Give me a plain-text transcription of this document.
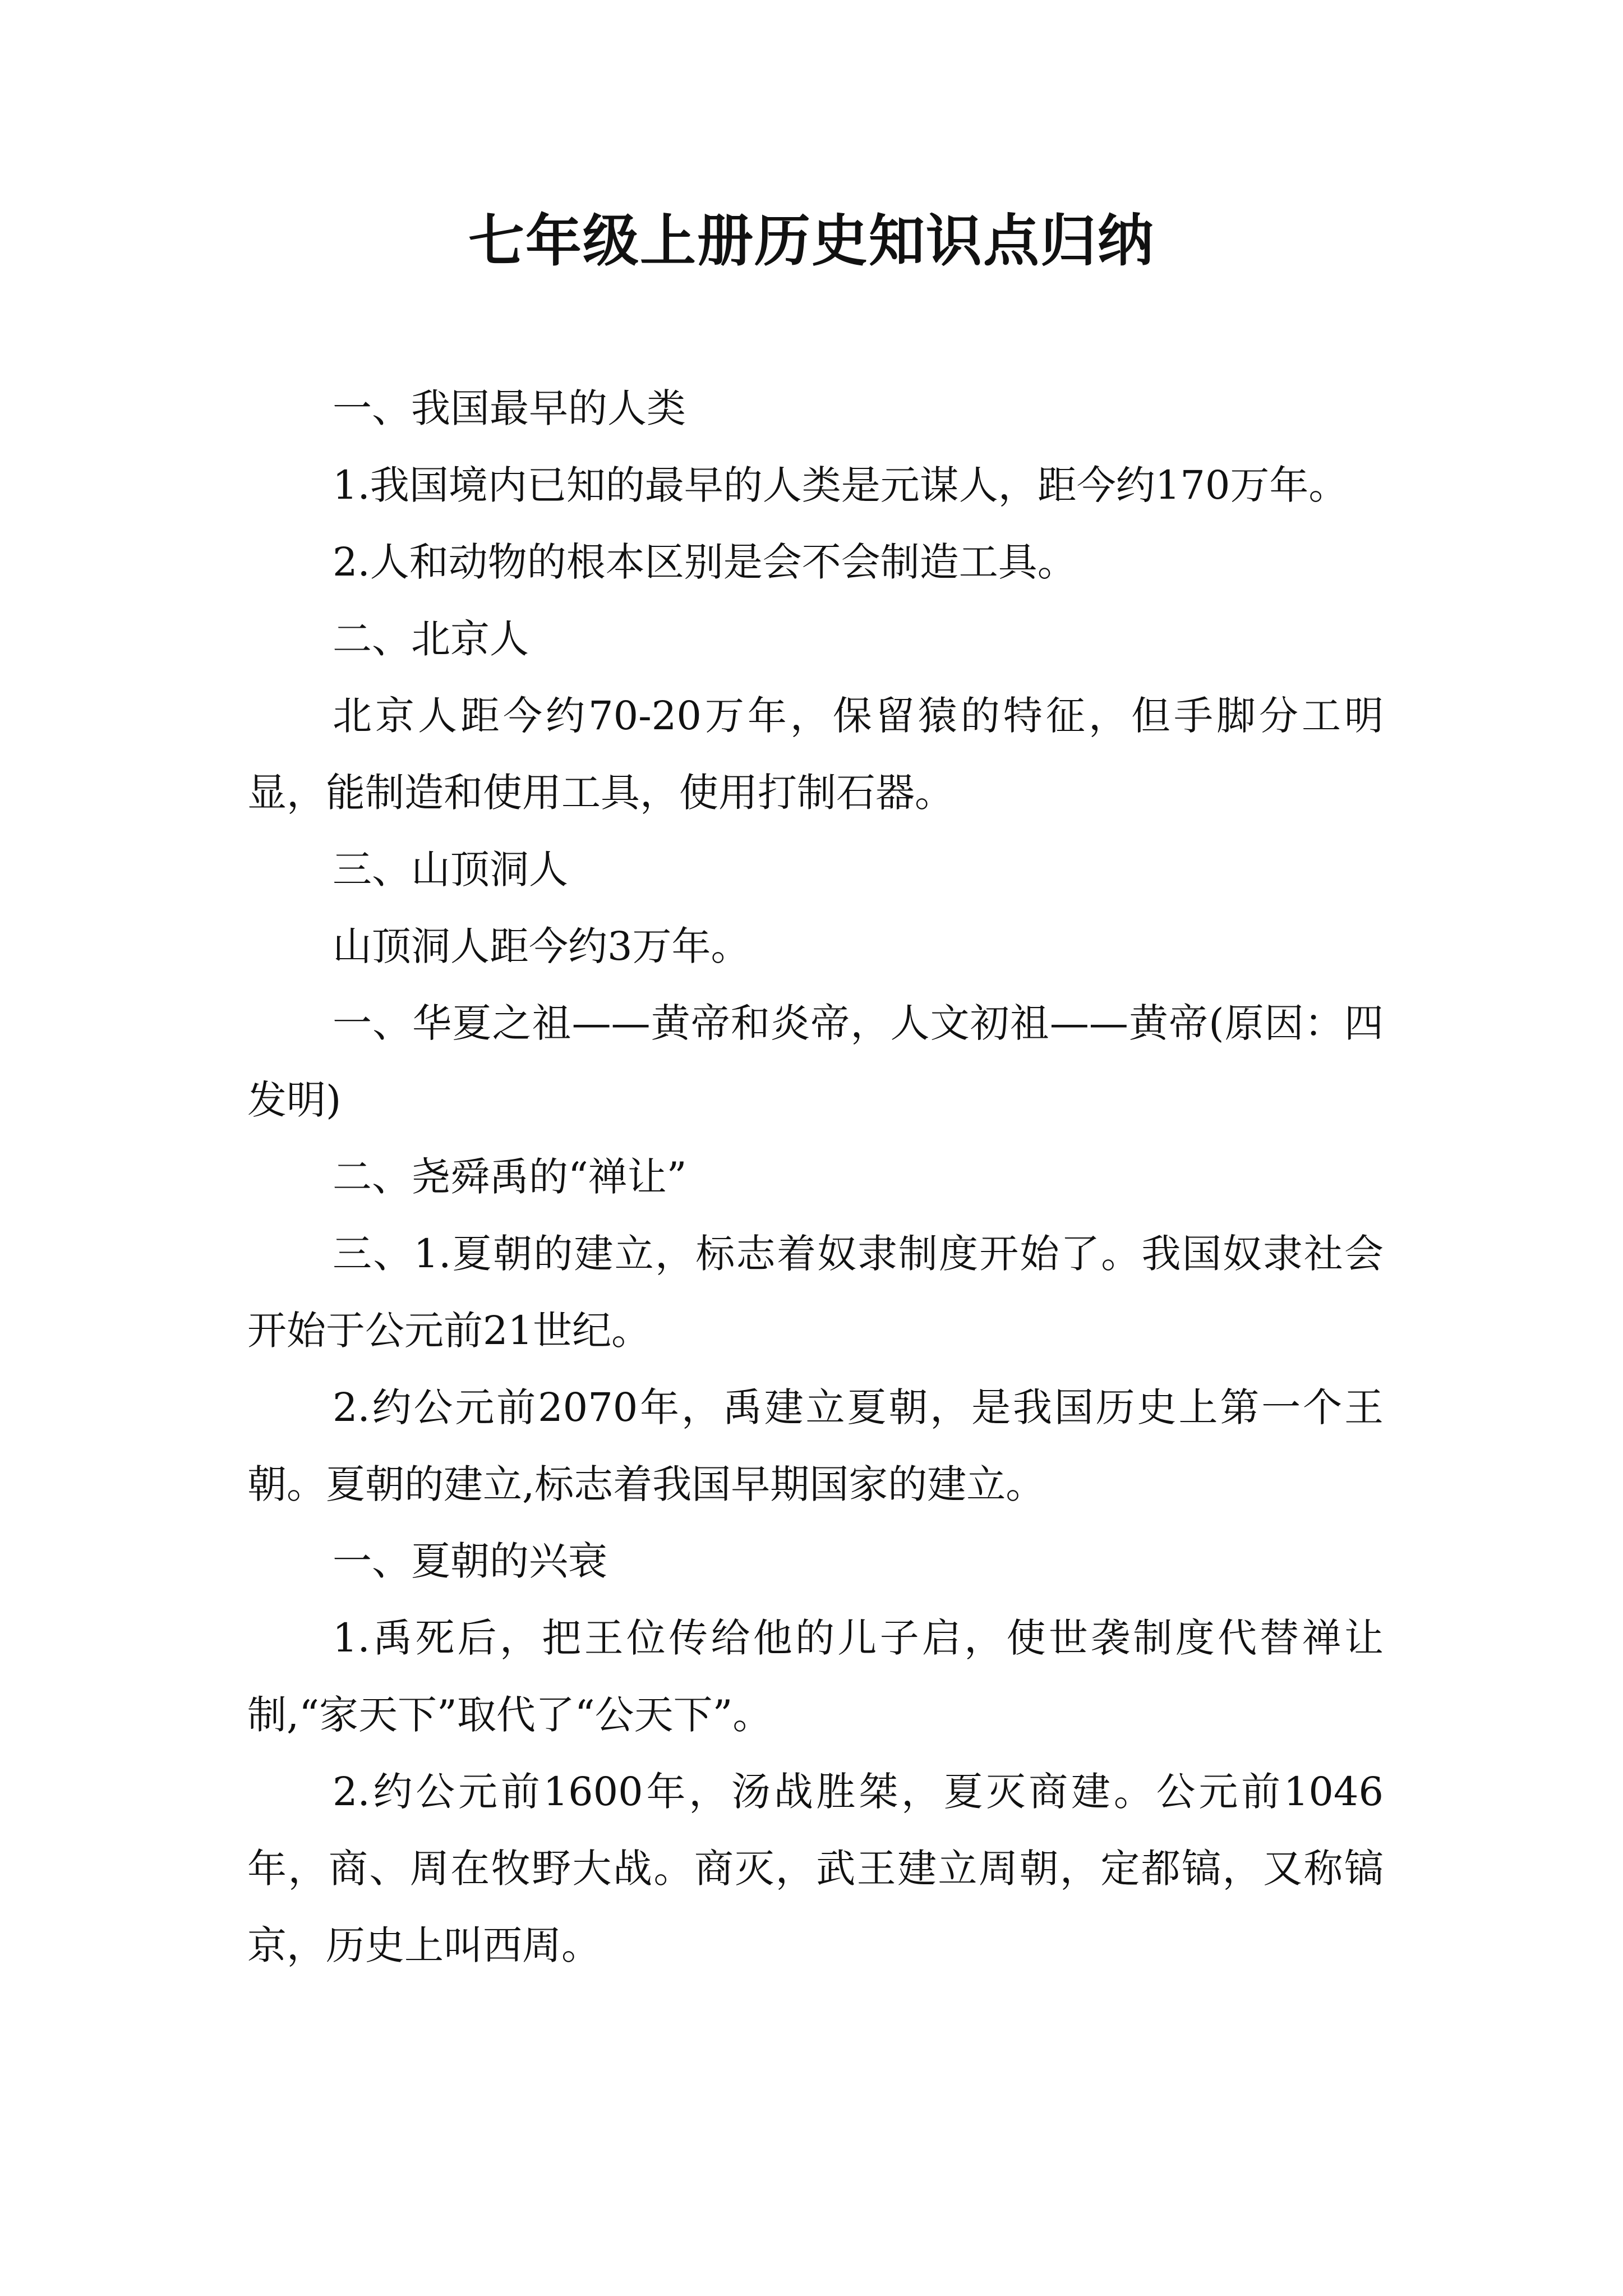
七年级上册历史知识点归纳

一、我国最早的人类

1.我国境内已知的最早的人类是元谋人，距今约170万年。

2.人和动物的根本区别是会不会制造工具。

二、北京人

北京人距今约70-20万年，保留猿的特征，但手脚分工明显，能制造和使用工具，使用打制石器。

三、山顶洞人

山顶洞人距今约3万年。

一、华夏之祖——黄帝和炎帝，人文初祖——黄帝(原因：四发明)

二、尧舜禹的“禅让”

三、1.夏朝的建立，标志着奴隶制度开始了。我国奴隶社会开始于公元前21世纪。

2.约公元前2070年，禹建立夏朝，是我国历史上第一个王朝。夏朝的建立,标志着我国早期国家的建立。

一、夏朝的兴衰

1.禹死后，把王位传给他的儿子启，使世袭制度代替禅让制,“家天下”取代了“公天下”。

2.约公元前1600年，汤战胜桀，夏灭商建。公元前1046年，商、周在牧野大战。商灭，武王建立周朝，定都镐，又称镐京，历史上叫西周。
